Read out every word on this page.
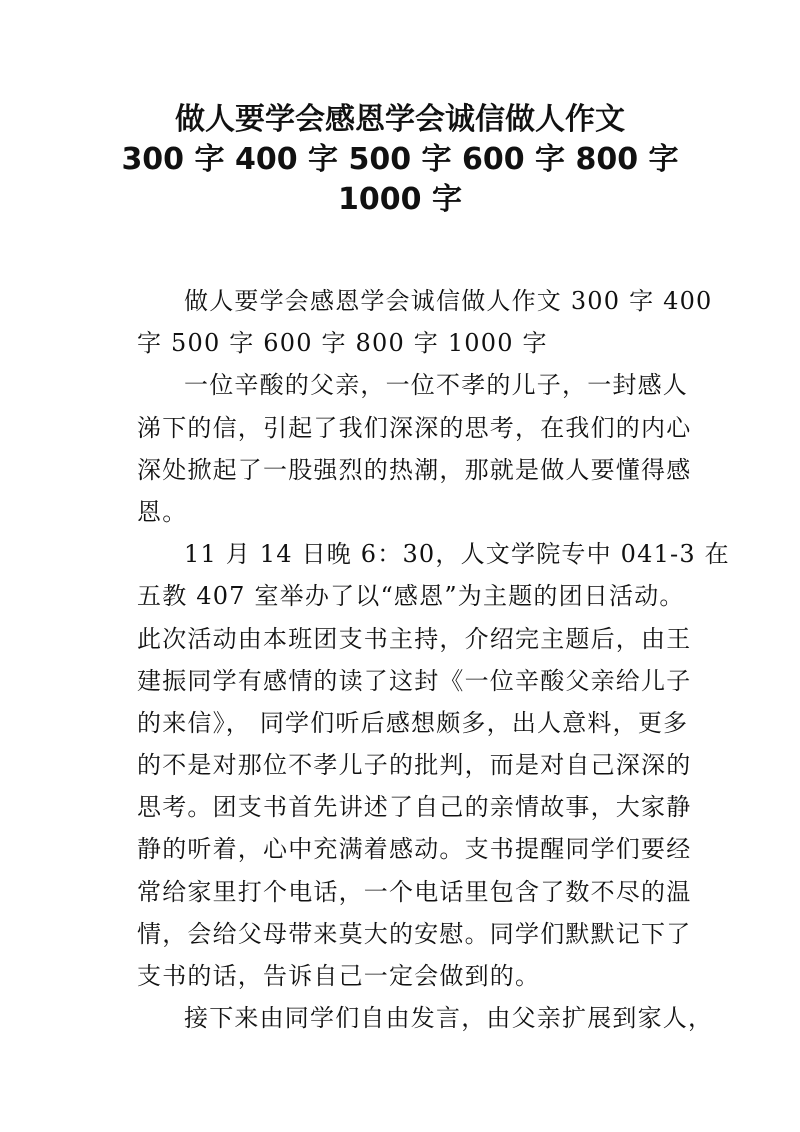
做人要学会感恩学会诚信做人作文
300 字 400 字 500 字 600 字 800 字
1000 字
做人要学会感恩学会诚信做人作文 300 字 400
字 500 字 600 字 800 字 1000 字
一位辛酸的父亲，一位不孝的儿子，一封感人
涕下的信，引起了我们深深的思考，在我们的内心
深处掀起了一股强烈的热潮，那就是做人要懂得感
恩。
11 月 14 日晚 6：30，人文学院专中 041-3 在
五教 407 室举办了以“感恩”为主题的团日活动。
此次活动由本班团支书主持，介绍完主题后，由王
建振同学有感情的读了这封《一位辛酸父亲给儿子
的来信》， 同学们听后感想颇多，出人意料，更多
的不是对那位不孝儿子的批判，而是对自己深深的
思考。团支书首先讲述了自己的亲情故事，大家静
静的听着，心中充满着感动。支书提醒同学们要经
常给家里打个电话，一个电话里包含了数不尽的温
情，会给父母带来莫大的安慰。同学们默默记下了
支书的话，告诉自己一定会做到的。
接下来由同学们自由发言，由父亲扩展到家人，
